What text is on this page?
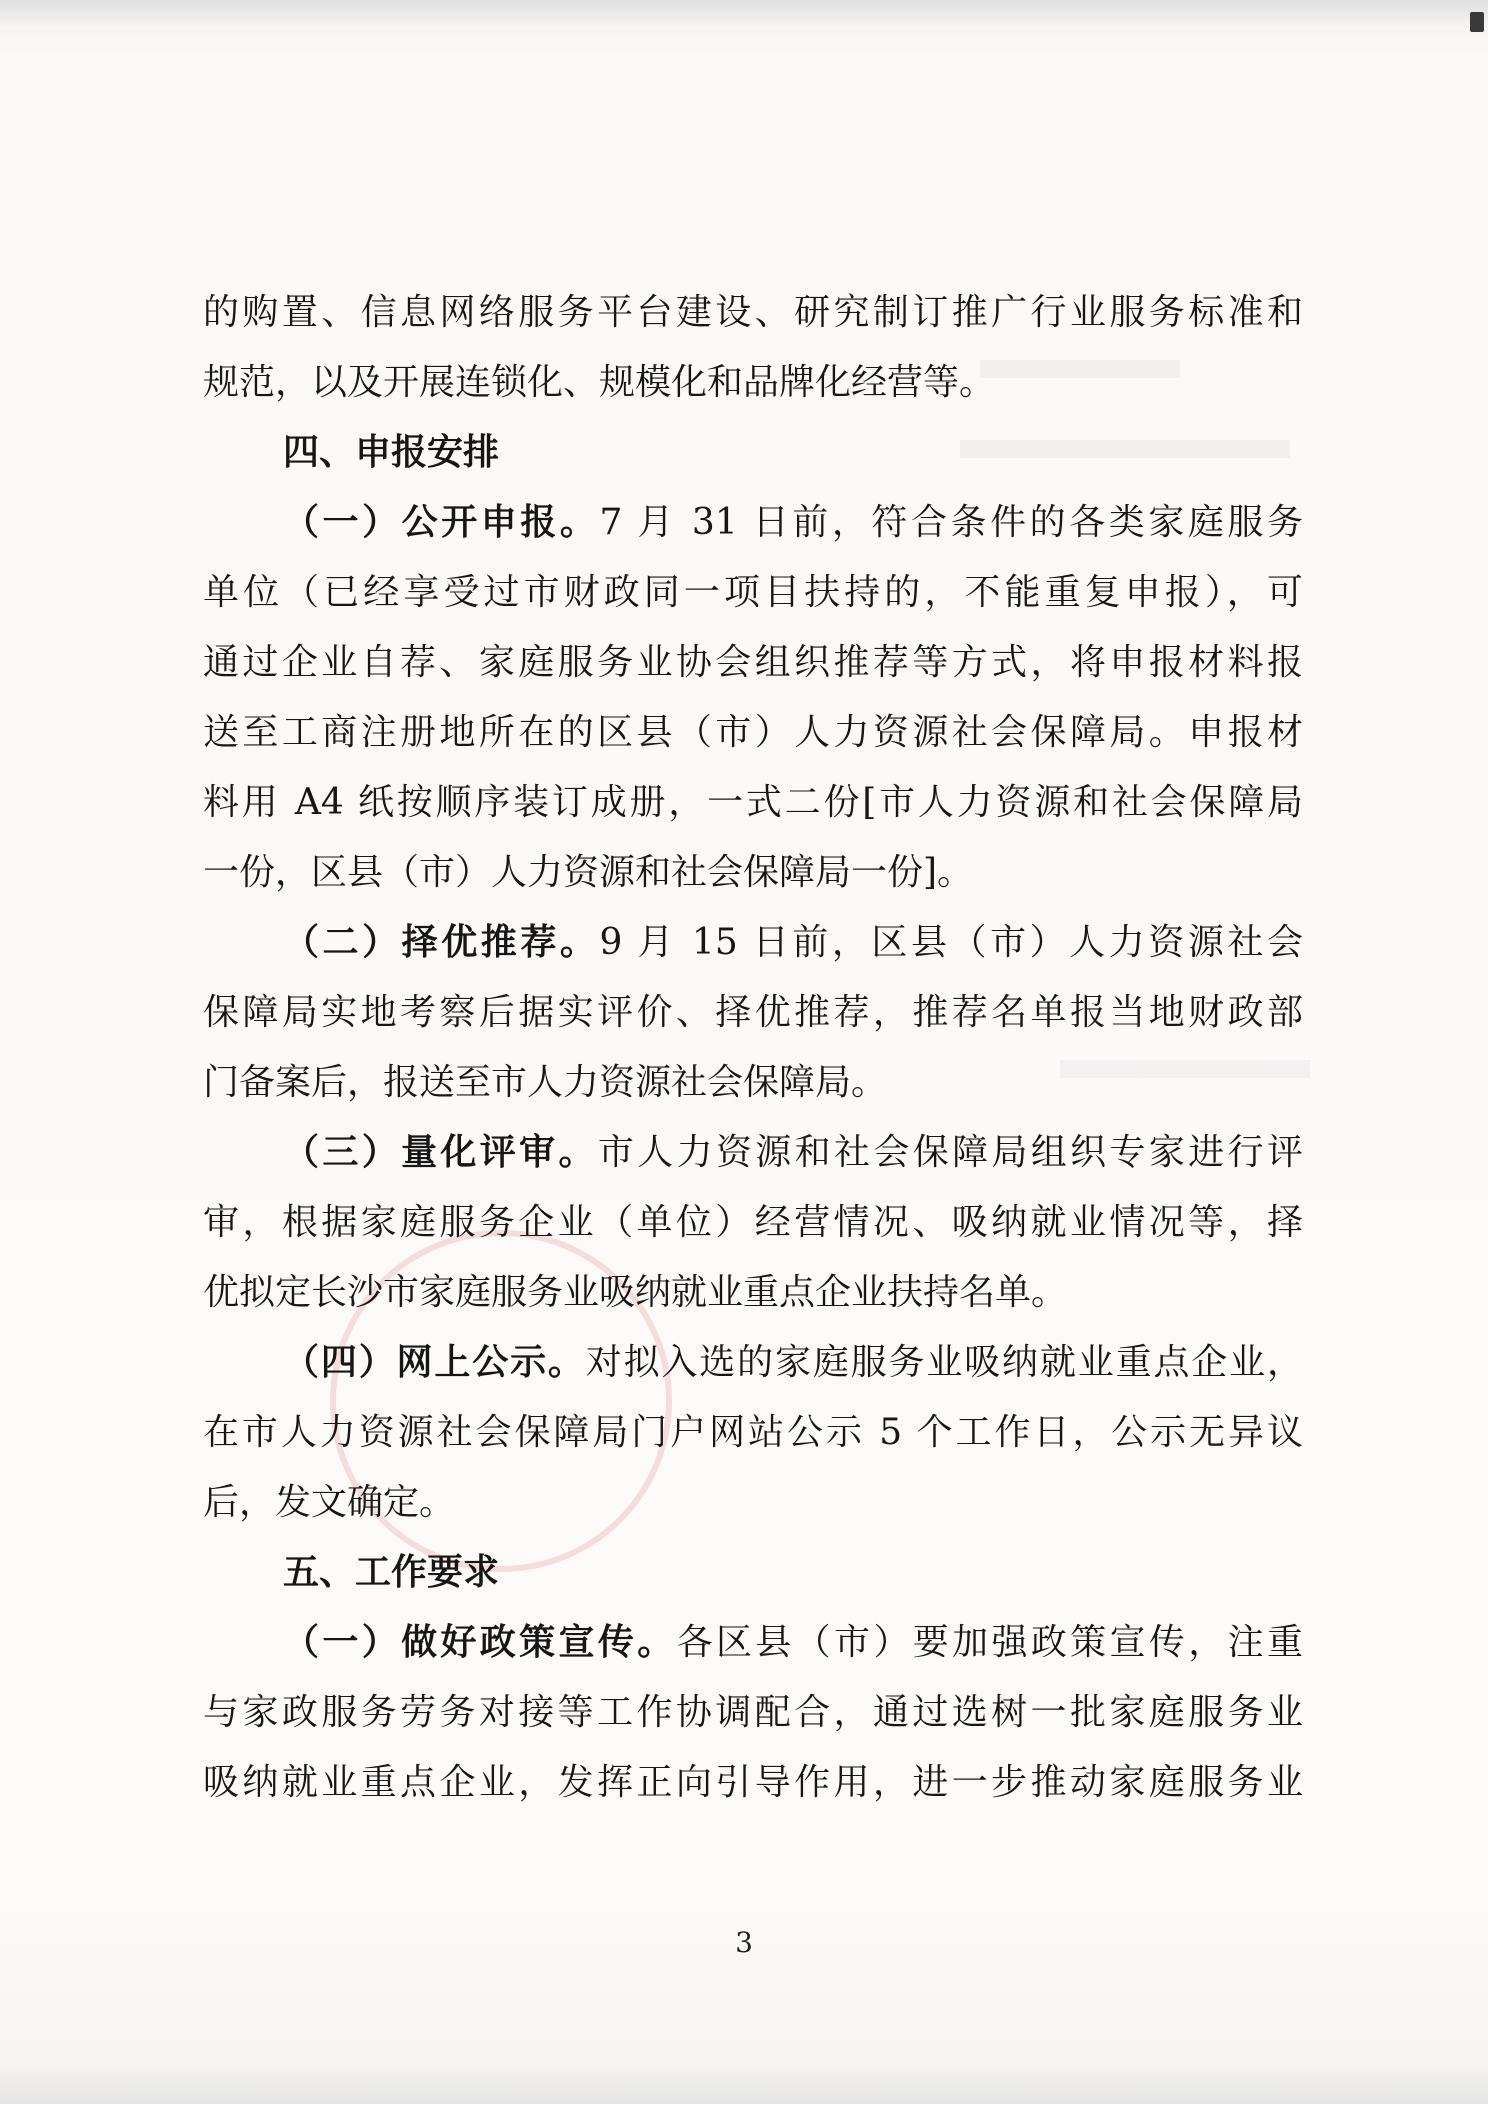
的购置、信息网络服务平台建设、研究制订推广行业服务标准和
规范，以及开展连锁化、规模化和品牌化经营等。
四、申报安排
（一）公开申报。7 月 31 日前，符合条件的各类家庭服务
单位（已经享受过市财政同一项目扶持的，不能重复申报），可
通过企业自荐、家庭服务业协会组织推荐等方式，将申报材料报
送至工商注册地所在的区县（市）人力资源社会保障局。申报材
料用 A4 纸按顺序装订成册，一式二份[市人力资源和社会保障局
一份，区县（市）人力资源和社会保障局一份]。
（二）择优推荐。9 月 15 日前，区县（市）人力资源社会
保障局实地考察后据实评价、择优推荐，推荐名单报当地财政部
门备案后，报送至市人力资源社会保障局。
（三）量化评审。市人力资源和社会保障局组织专家进行评
审，根据家庭服务企业（单位）经营情况、吸纳就业情况等，择
优拟定长沙市家庭服务业吸纳就业重点企业扶持名单。
（四）网上公示。对拟入选的家庭服务业吸纳就业重点企业，
在市人力资源社会保障局门户网站公示 5 个工作日，公示无异议
后，发文确定。
五、工作要求
（一）做好政策宣传。各区县（市）要加强政策宣传，注重
与家政服务劳务对接等工作协调配合，通过选树一批家庭服务业
吸纳就业重点企业，发挥正向引导作用，进一步推动家庭服务业
3
